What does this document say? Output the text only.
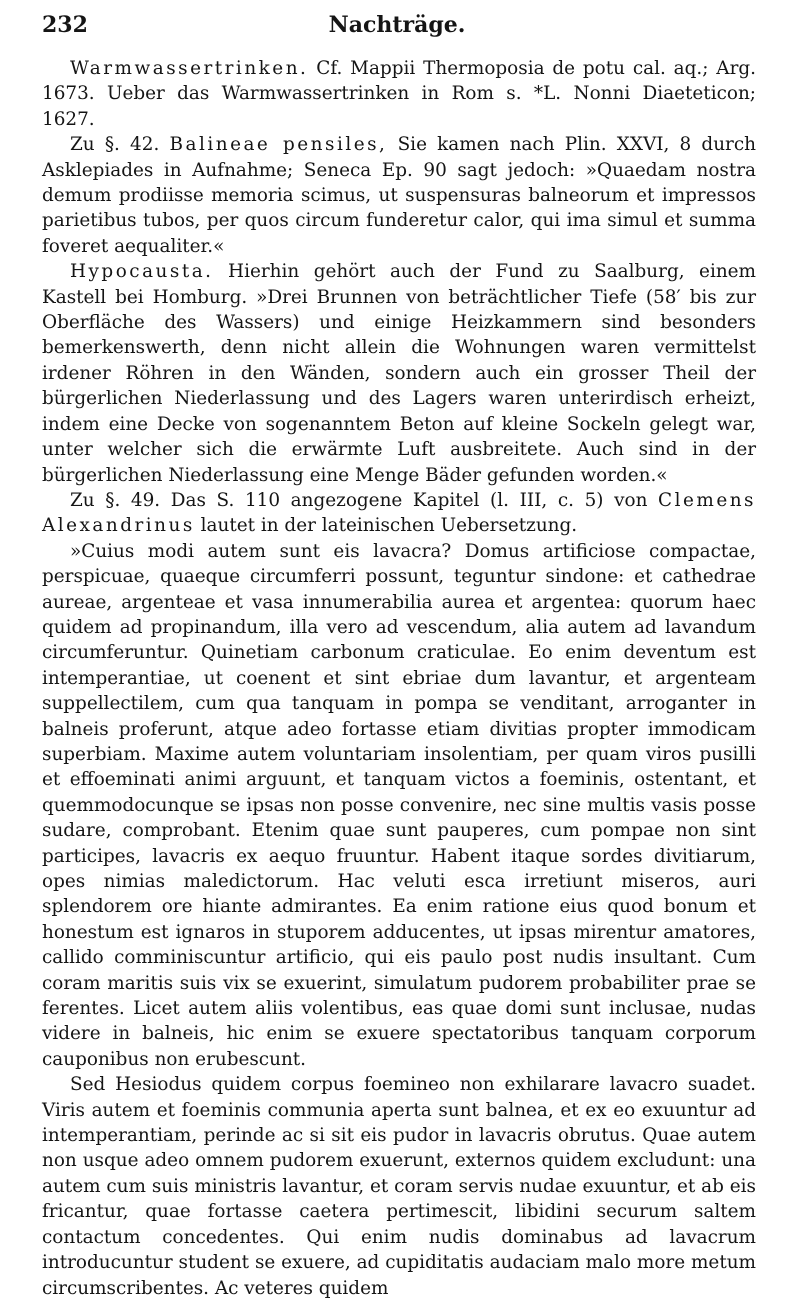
232	Nachträge.

Warmwassertrinken. Cf. Mappii Thermoposia de potu cal. aq.; Arg. 1673. Ueber das Warmwassertrinken in Rom s. *L. Nonni Diaeteticon; 1627.

Zu §. 42. Balineae pensiles, Sie kamen nach Plin. XXVI, 8 durch Asklepiades in Aufnahme; Seneca Ep. 90 sagt jedoch: »Quaedam nostra demum prodiisse memoria scimus, ut suspensuras balneorum et impressos parietibus tubos, per quos circum funderetur calor, qui ima simul et summa foveret aequaliter.«

Hypocausta. Hierhin gehört auch der Fund zu Saalburg, einem Kastell bei Homburg. »Drei Brunnen von beträchtlicher Tiefe (58′ bis zur Oberfläche des Wassers) und einige Heizkammern sind besonders bemerkenswerth, denn nicht allein die Wohnungen waren vermittelst irdener Röhren in den Wänden, sondern auch ein grosser Theil der bürgerlichen Niederlassung und des Lagers waren unterirdisch erheizt, indem eine Decke von sogenanntem Beton auf kleine Sockeln gelegt war, unter welcher sich die erwärmte Luft ausbreitete. Auch sind in der bürgerlichen Niederlassung eine Menge Bäder gefunden worden.«

Zu §. 49. Das S. 110 angezogene Kapitel (l. III, c. 5) von Clemens Alexandrinus lautet in der lateinischen Uebersetzung.

»Cuius modi autem sunt eis lavacra? Domus artificiose compactae, perspicuae, quaeque circumferri possunt, teguntur sindone: et cathedrae aureae, argenteae et vasa innumerabilia aurea et argentea: quorum haec quidem ad propinandum, illa vero ad vescendum, alia autem ad lavandum circumferuntur. Quinetiam carbonum craticulae. Eo enim deventum est intemperantiae, ut coenent et sint ebriae dum lavantur, et argenteam suppellectilem, cum qua tanquam in pompa se venditant, arroganter in balneis proferunt, atque adeo fortasse etiam divitias propter immodicam superbiam. Maxime autem voluntariam insolentiam, per quam viros pusilli et effoeminati animi arguunt, et tanquam victos a foeminis, ostentant, et quemmodocunque se ipsas non posse convenire, nec sine multis vasis posse sudare, comprobant. Etenim quae sunt pauperes, cum pompae non sint participes, lavacris ex aequo fruuntur. Habent itaque sordes divitiarum, opes nimias maledictorum. Hac veluti esca irretiunt miseros, auri splendorem ore hiante admirantes. Ea enim ratione eius quod bonum et honestum est ignaros in stuporem adducentes, ut ipsas mirentur amatores, callido comminiscuntur artificio, qui eis paulo post nudis insultant. Cum coram maritis suis vix se exuerint, simulatum pudorem probabiliter prae se ferentes. Licet autem aliis volentibus, eas quae domi sunt inclusae, nudas videre in balneis, hic enim se exuere spectatoribus tanquam corporum cauponibus non erubescunt.

Sed Hesiodus quidem corpus foemineo non exhilarare lavacro suadet. Viris autem et foeminis communia aperta sunt balnea, et ex eo exuuntur ad intemperantiam, perinde ac si sit eis pudor in lavacris obrutus. Quae autem non usque adeo omnem pudorem exuerunt, externos quidem excludunt: una autem cum suis ministris lavantur, et coram servis nudae exuuntur, et ab eis fricantur, quae fortasse caetera pertimescit, libidini securum saltem contactum concedentes. Qui enim nudis dominabus ad lavacrum introducuntur student se exuere, ad cupiditatis audaciam malo more metum circumscribentes. Ac veteres quidem
